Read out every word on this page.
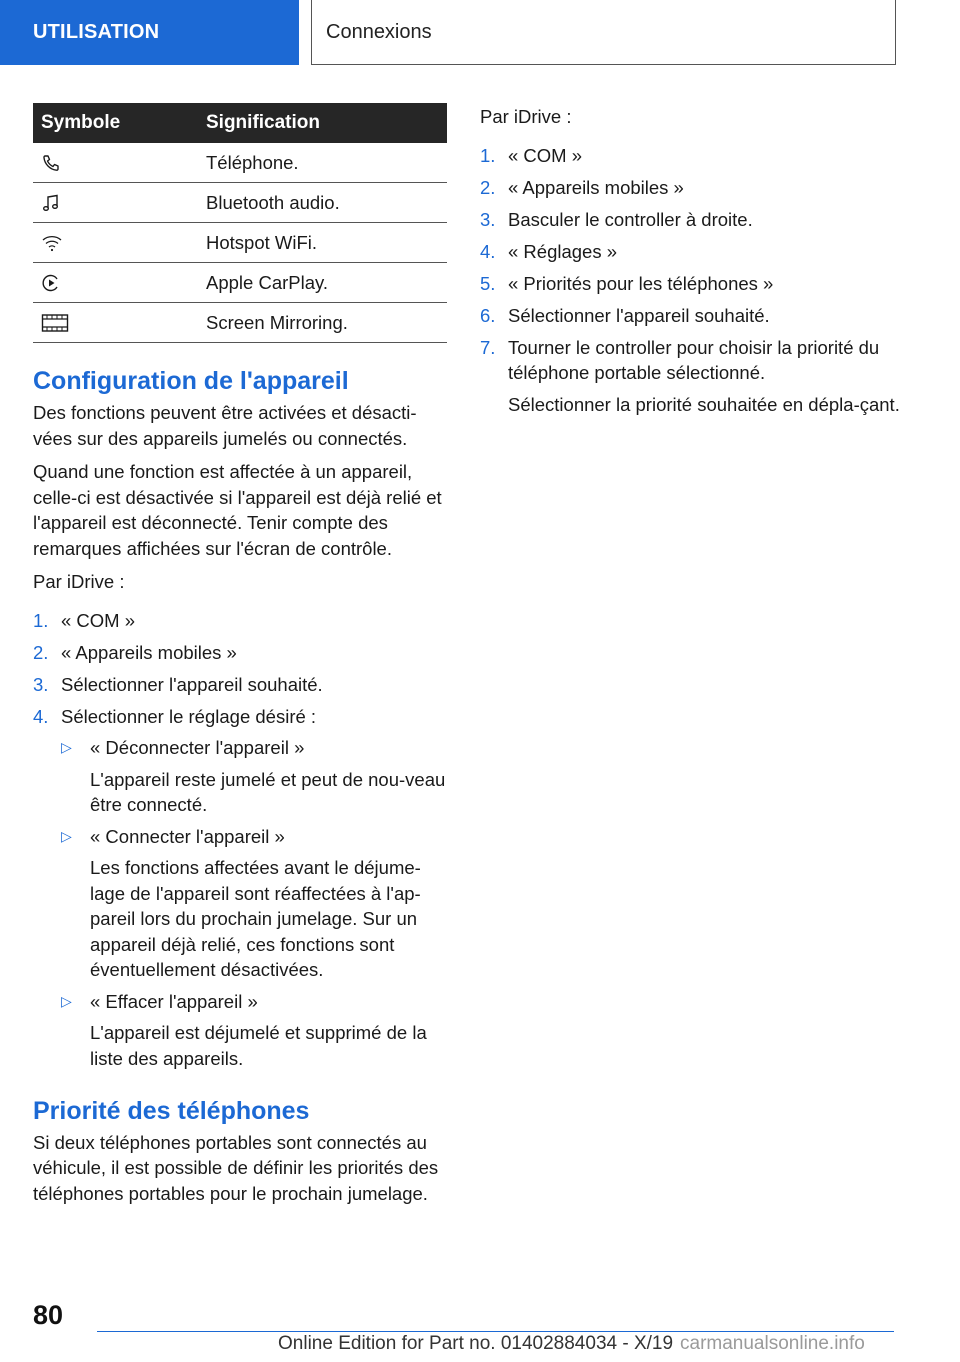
UTILISATION	Connexions
Symbole	Signification

	Téléphone.

	Bluetooth audio.

	Hotspot WiFi.

	Apple CarPlay.

	Screen Mirroring.
Configuration de l'appareil

Des fonctions peuvent être activées et désacti-vées sur des appareils jumelés ou connectés.

Quand une fonction est affectée à un appareil, celle-ci est désactivée si l'appareil est déjà relié et l'appareil est déconnecté. Tenir compte des remarques affichées sur l'écran de contrôle.

Par iDrive :

1. « COM »
2. « Appareils mobiles »
3. Sélectionner l'appareil souhaité.
4. Sélectionner le réglage désiré :
▷ « Déconnecter l'appareil »
L'appareil reste jumelé et peut de nou-veau être connecté.
▷ « Connecter l'appareil »
Les fonctions affectées avant le déjume-lage de l'appareil sont réaffectées à l'ap-pareil lors du prochain jumelage. Sur un appareil déjà relié, ces fonctions sont éventuellement désactivées.
▷ « Effacer l'appareil »
L'appareil est déjumelé et supprimé de la liste des appareils.
Priorité des téléphones

Si deux téléphones portables sont connectés au véhicule, il est possible de définir les priorités des téléphones portables pour le prochain jumelage.

Par iDrive :

1. « COM »
2. « Appareils mobiles »
3. Basculer le controller à droite.
4. « Réglages »
5. « Priorités pour les téléphones »
6. Sélectionner l'appareil souhaité.
7. Tourner le controller pour choisir la priorité du téléphone portable sélectionné.
Sélectionner la priorité souhaitée en dépla-çant.
80
Online Edition for Part no. 01402884034 - X/19 carmanualsonline.info
